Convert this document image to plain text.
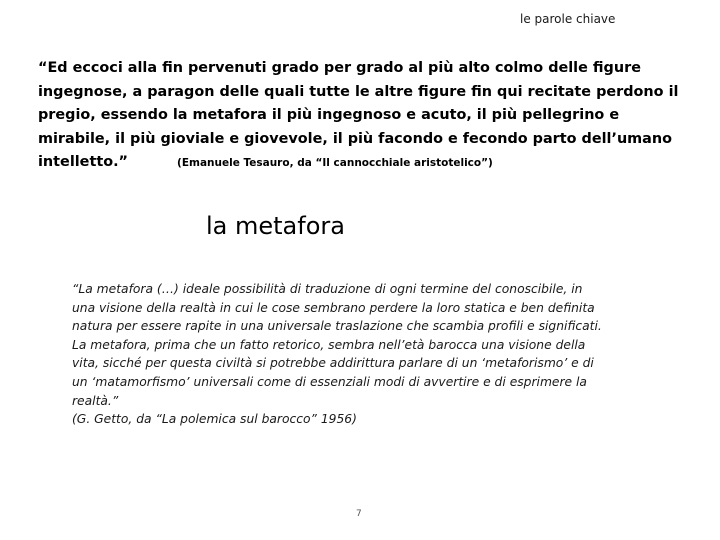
le parole chiave
“Ed eccoci alla fin pervenuti grado per grado al più alto colmo delle figure
ingegnose, a paragon delle quali tutte le altre figure fin qui recitate perdono il
pregio, essendo la metafora il più ingegnoso e acuto, il più pellegrino e
mirabile, il più gioviale e giovevole, il più facondo e fecondo parto dell’umano
intelletto.”	(Emanuele Tesauro, da “Il cannocchiale aristotelico”)
la metafora
“La metafora (…) ideale possibilità di traduzione di ogni termine del conoscibile, in
una visione della realtà in cui le cose sembrano perdere la loro statica e ben definita
natura per essere rapite in una universale traslazione che scambia profili e significati.
La metafora, prima che un fatto retorico, sembra nell’età barocca una visione della
vita, sicché per questa civiltà si potrebbe addirittura parlare di un ‘metaforismo’ e di
un ‘matamorfismo’ universali come di essenziali modi di avvertire e di esprimere la
realtà.”
(G. Getto, da “La polemica sul barocco” 1956)
7
